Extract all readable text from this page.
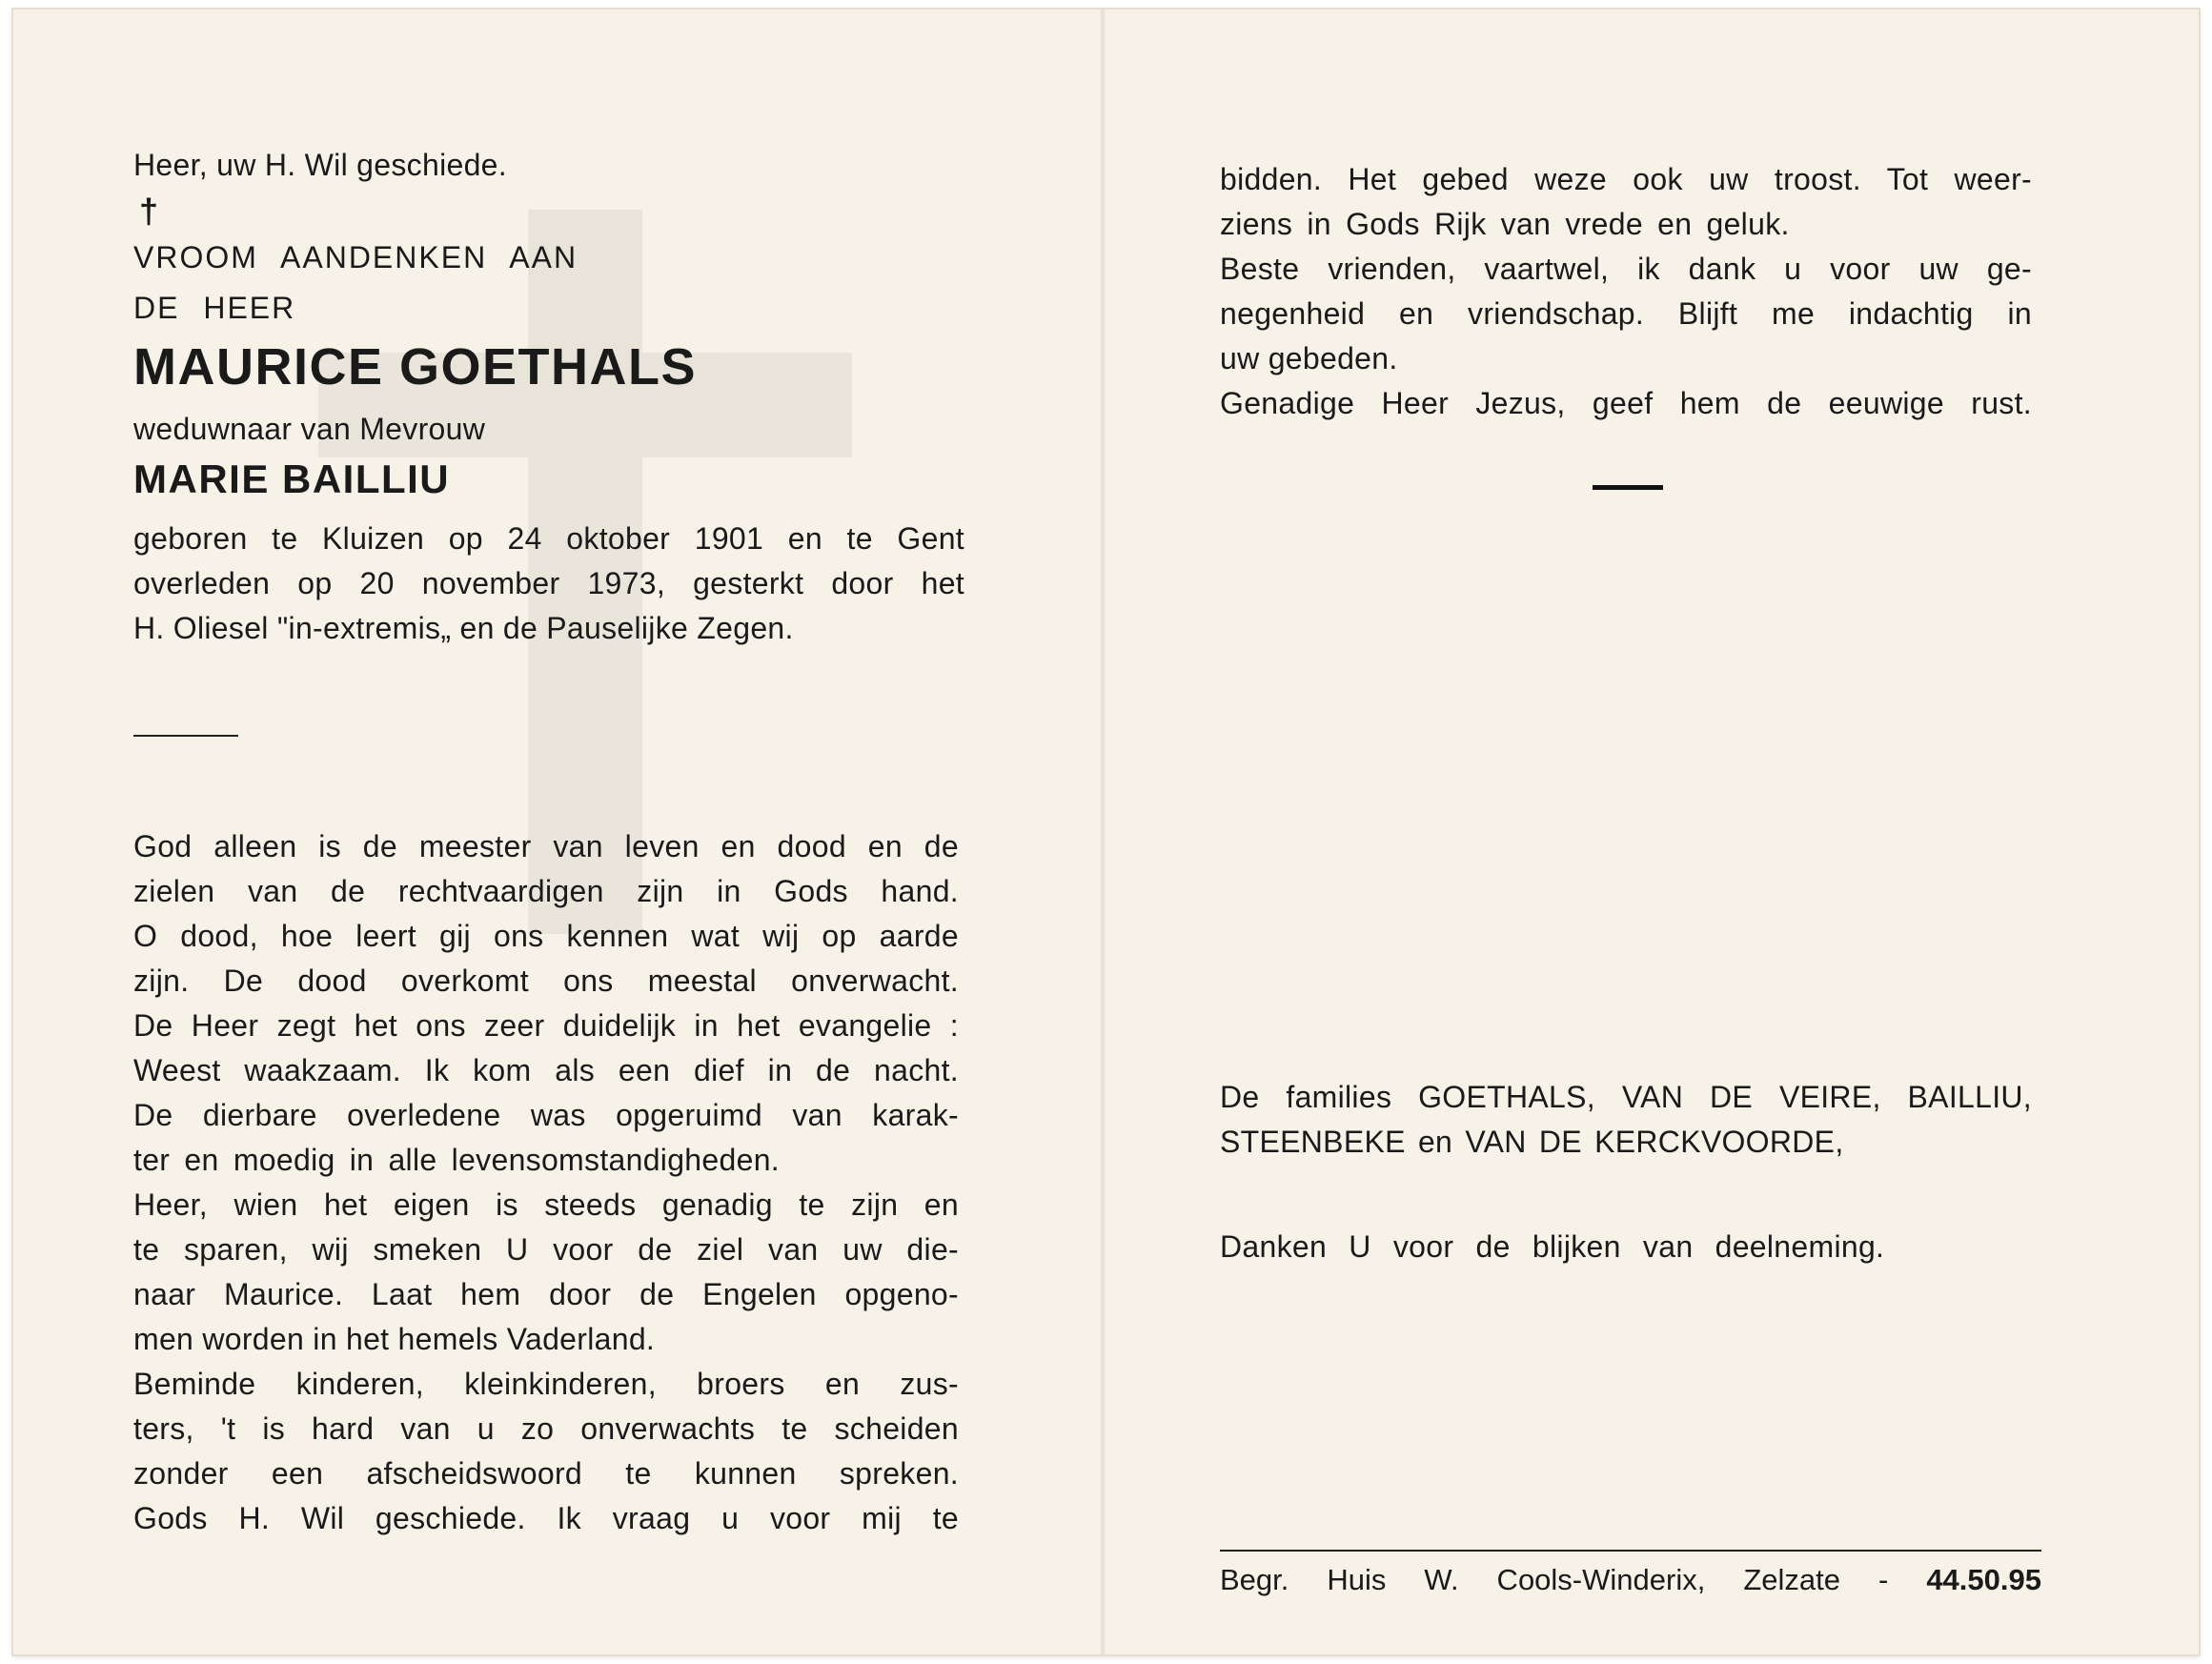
Heer, uw H. Wil geschiede.
†
VROOM AANDENKEN AAN
DE HEER
MAURICE GOETHALS
weduwnaar van Mevrouw
MARIE BAILLIU
geboren te Kluizen op 24 oktober 1901 en te Gent
overleden op 20 november 1973, gesterkt door het
H. Oliesel "in-extremis„ en de Pauselijke Zegen.
God alleen is de meester van leven en dood en de
zielen van de rechtvaardigen zijn in Gods hand.
O dood, hoe leert gij ons kennen wat wij op aarde
zijn. De dood overkomt ons meestal onverwacht.
De Heer zegt het ons zeer duidelijk in het evangelie :
Weest waakzaam. Ik kom als een dief in de nacht.
De dierbare overledene was opgeruimd van karak-
ter en moedig in alle levensomstandigheden.
Heer, wien het eigen is steeds genadig te zijn en
te sparen, wij smeken U voor de ziel van uw die-
naar Maurice. Laat hem door de Engelen opgeno-
men worden in het hemels Vaderland.
Beminde kinderen, kleinkinderen, broers en zus-
ters, 't is hard van u zo onverwachts te scheiden
zonder een afscheidswoord te kunnen spreken.
Gods H. Wil geschiede. Ik vraag u voor mij te
bidden. Het gebed weze ook uw troost. Tot weer-
ziens in Gods Rijk van vrede en geluk.
Beste vrienden, vaartwel, ik dank u voor uw ge-
negenheid en vriendschap. Blijft me indachtig in
uw gebeden.
Genadige Heer Jezus, geef hem de eeuwige rust.
De families GOETHALS, VAN DE VEIRE, BAILLIU,
STEENBEKE en VAN DE KERCKVOORDE,
Danken U voor de blijken van deelneming.
Begr. Huis W. Cools-Winderix, Zelzate - 44.50.95
